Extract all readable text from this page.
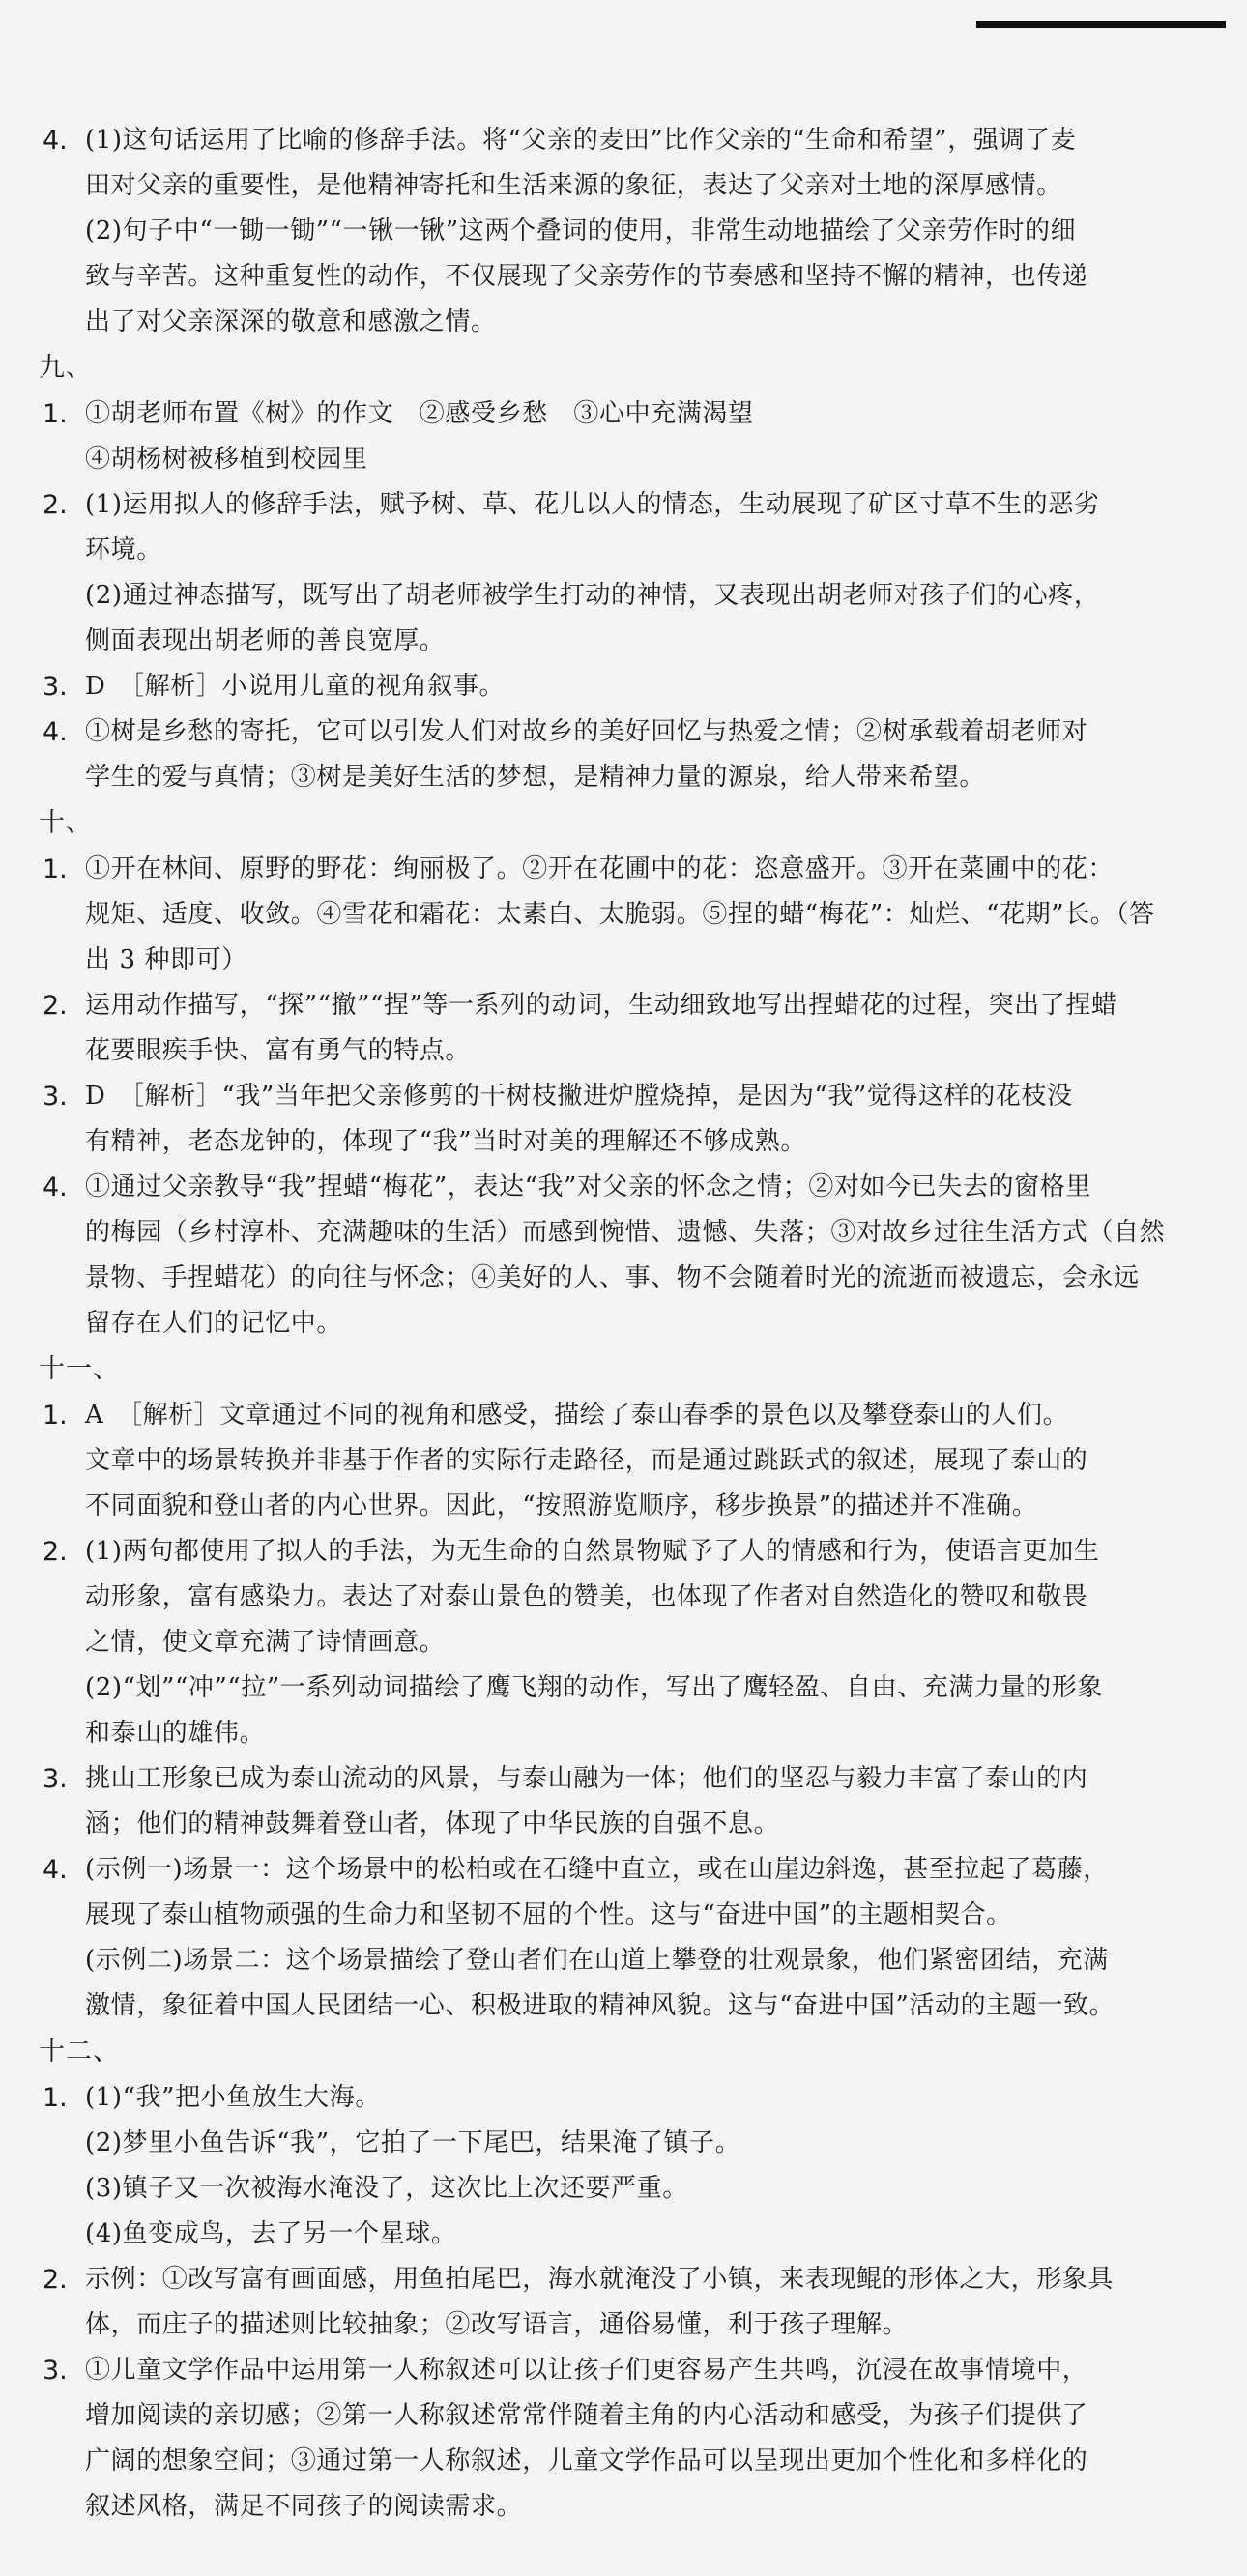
4. (1)这句话运用了比喻的修辞手法。将“父亲的麦田”比作父亲的“生命和希望”，强调了麦
田对父亲的重要性，是他精神寄托和生活来源的象征，表达了父亲对土地的深厚感情。
(2)句子中“一锄一锄”“一锹一锹”这两个叠词的使用，非常生动地描绘了父亲劳作时的细
致与辛苦。这种重复性的动作，不仅展现了父亲劳作的节奏感和坚持不懈的精神，也传递
出了对父亲深深的敬意和感激之情。
九、
1. ①胡老师布置《树》的作文　②感受乡愁　③心中充满渴望
④胡杨树被移植到校园里
2. (1)运用拟人的修辞手法，赋予树、草、花儿以人的情态，生动展现了矿区寸草不生的恶劣
环境。
(2)通过神态描写，既写出了胡老师被学生打动的神情，又表现出胡老师对孩子们的心疼，
侧面表现出胡老师的善良宽厚。
3. D　［解析］小说用儿童的视角叙事。
4. ①树是乡愁的寄托，它可以引发人们对故乡的美好回忆与热爱之情；②树承载着胡老师对
学生的爱与真情；③树是美好生活的梦想，是精神力量的源泉，给人带来希望。
十、
1. ①开在林间、原野的野花：绚丽极了。②开在花圃中的花：恣意盛开。③开在菜圃中的花：
规矩、适度、收敛。④雪花和霜花：太素白、太脆弱。⑤捏的蜡“梅花”：灿烂、“花期”长。（答
出 3 种即可）
2. 运用动作描写，“探”“撤”“捏”等一系列的动词，生动细致地写出捏蜡花的过程，突出了捏蜡
花要眼疾手快、富有勇气的特点。
3. D　［解析］“我”当年把父亲修剪的干树枝撇进炉膛烧掉，是因为“我”觉得这样的花枝没
有精神，老态龙钟的，体现了“我”当时对美的理解还不够成熟。
4. ①通过父亲教导“我”捏蜡“梅花”，表达“我”对父亲的怀念之情；②对如今已失去的窗格里
的梅园（乡村淳朴、充满趣味的生活）而感到惋惜、遗憾、失落；③对故乡过往生活方式（自然
景物、手捏蜡花）的向往与怀念；④美好的人、事、物不会随着时光的流逝而被遗忘，会永远
留存在人们的记忆中。
十一、
1. A　［解析］文章通过不同的视角和感受，描绘了泰山春季的景色以及攀登泰山的人们。
文章中的场景转换并非基于作者的实际行走路径，而是通过跳跃式的叙述，展现了泰山的
不同面貌和登山者的内心世界。因此，“按照游览顺序，移步换景”的描述并不准确。
2. (1)两句都使用了拟人的手法，为无生命的自然景物赋予了人的情感和行为，使语言更加生
动形象，富有感染力。表达了对泰山景色的赞美，也体现了作者对自然造化的赞叹和敬畏
之情，使文章充满了诗情画意。
(2)“划”“冲”“拉”一系列动词描绘了鹰飞翔的动作，写出了鹰轻盈、自由、充满力量的形象
和泰山的雄伟。
3. 挑山工形象已成为泰山流动的风景，与泰山融为一体；他们的坚忍与毅力丰富了泰山的内
涵；他们的精神鼓舞着登山者，体现了中华民族的自强不息。
4. (示例一)场景一：这个场景中的松柏或在石缝中直立，或在山崖边斜逸，甚至拉起了葛藤，
展现了泰山植物顽强的生命力和坚韧不屈的个性。这与“奋进中国”的主题相契合。
(示例二)场景二：这个场景描绘了登山者们在山道上攀登的壮观景象，他们紧密团结，充满
激情，象征着中国人民团结一心、积极进取的精神风貌。这与“奋进中国”活动的主题一致。
十二、
1. (1)“我”把小鱼放生大海。
(2)梦里小鱼告诉“我”，它拍了一下尾巴，结果淹了镇子。
(3)镇子又一次被海水淹没了，这次比上次还要严重。
(4)鱼变成鸟，去了另一个星球。
2. 示例：①改写富有画面感，用鱼拍尾巴，海水就淹没了小镇，来表现鲲的形体之大，形象具
体，而庄子的描述则比较抽象；②改写语言，通俗易懂，利于孩子理解。
3. ①儿童文学作品中运用第一人称叙述可以让孩子们更容易产生共鸣，沉浸在故事情境中，
增加阅读的亲切感；②第一人称叙述常常伴随着主角的内心活动和感受，为孩子们提供了
广阔的想象空间；③通过第一人称叙述，儿童文学作品可以呈现出更加个性化和多样化的
叙述风格，满足不同孩子的阅读需求。
